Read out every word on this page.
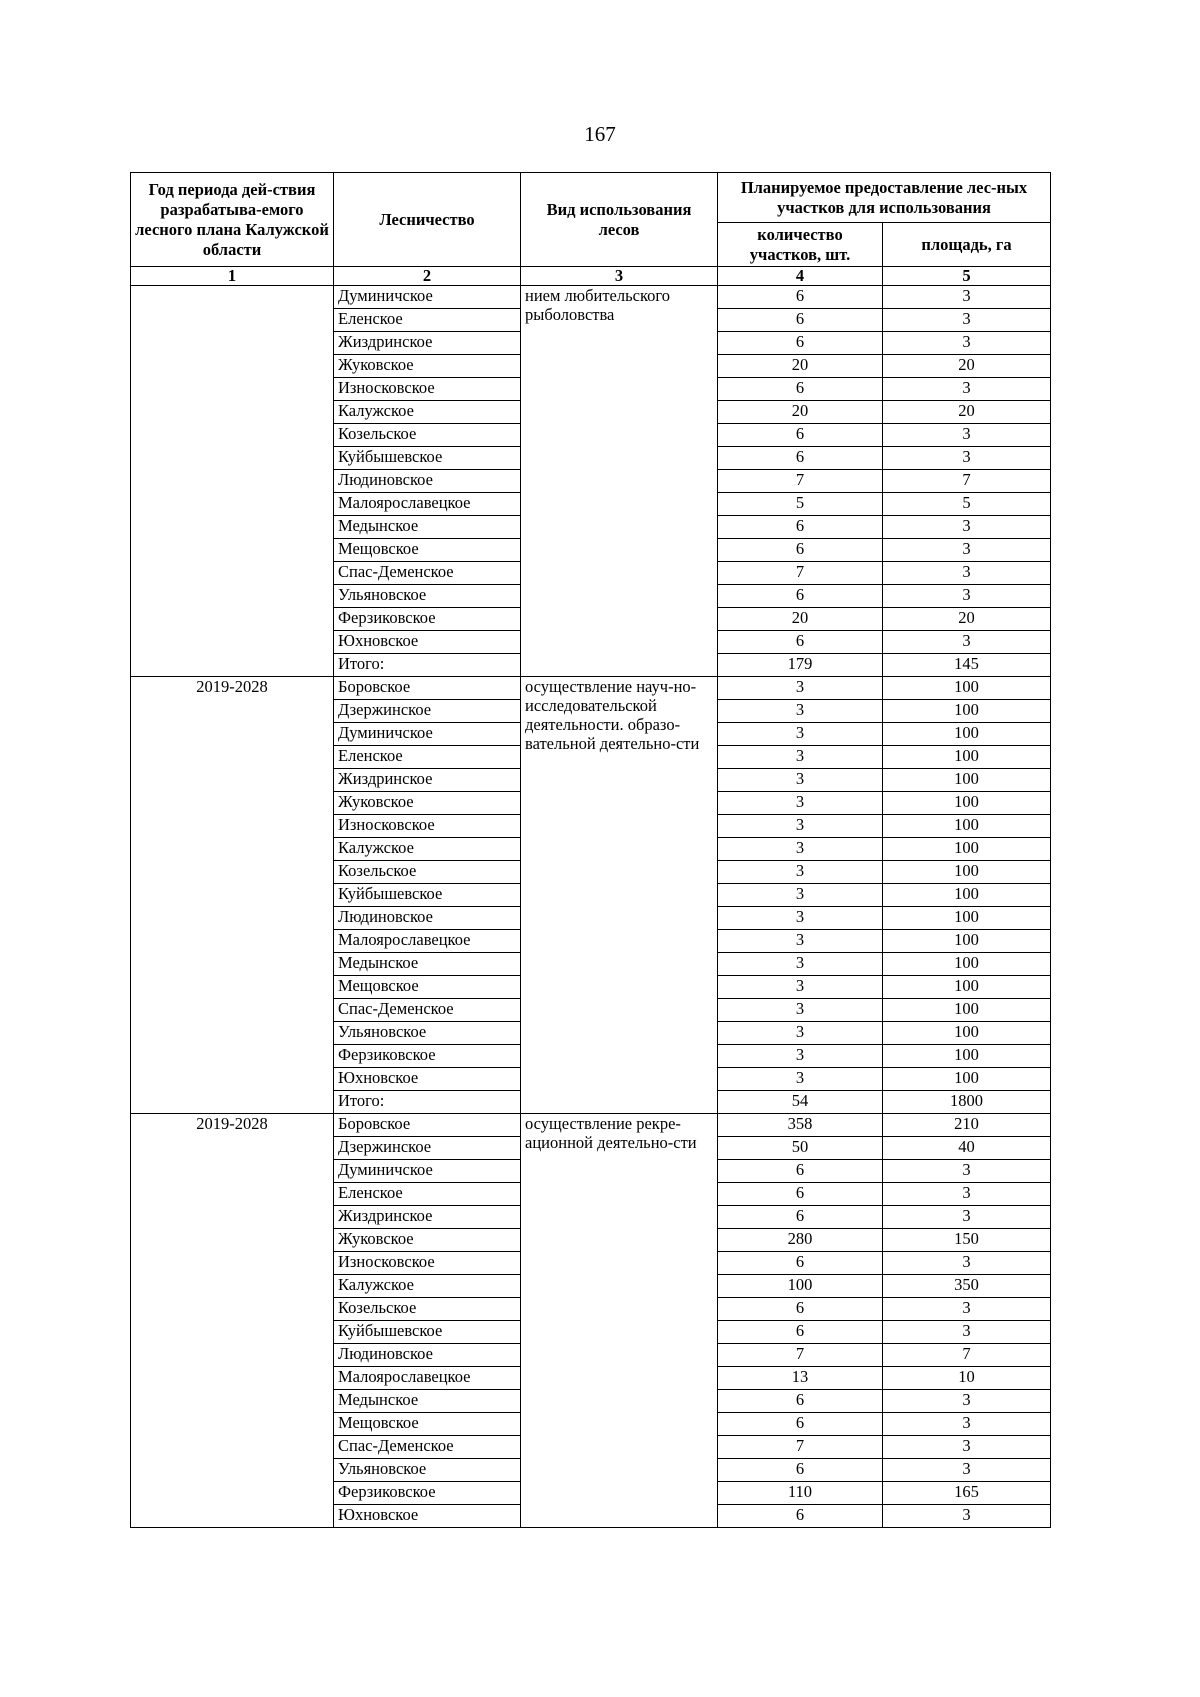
167
Год периода дей-ствия разрабатыва-емого лесного плана Калужской области	Лесничество	Вид использования лесов	Планируемое предоставление лес-ных участков для использования	
			количество участков, шт.	площадь, га
1	2	3	4	5
	Думиничское	нием любительского рыболовства	6	3
	Еленское		6	3
	Жиздринское		6	3
	Жуковское		20	20
	Износковское		6	3
	Калужское		20	20
	Козельское		6	3
	Куйбышевское		6	3
	Людиновское		7	7
	Малоярославецкое		5	5
	Медынское		6	3
	Мещовское		6	3
	Спас-Деменское		7	3
	Ульяновское		6	3
	Ферзиковское		20	20
	Юхновское		6	3
	Итого:		179	145
2019-2028	Боровское	осуществление науч-но-исследовательской деятельности. образо-вательной деятельно-сти	3	100
	Дзержинское		3	100
	Думиничское		3	100
	Еленское		3	100
	Жиздринское		3	100
	Жуковское		3	100
	Износковское		3	100
	Калужское		3	100
	Козельское		3	100
	Куйбышевское		3	100
	Людиновское		3	100
	Малоярославецкое		3	100
	Медынское		3	100
	Мещовское		3	100
	Спас-Деменское		3	100
	Ульяновское		3	100
	Ферзиковское		3	100
	Юхновское		3	100
	Итого:		54	1800
2019-2028	Боровское	осуществление рекре-ационной деятельно-сти	358	210
	Дзержинское		50	40
	Думиничское		6	3
	Еленское		6	3
	Жиздринское		6	3
	Жуковское		280	150
	Износковское		6	3
	Калужское		100	350
	Козельское		6	3
	Куйбышевское		6	3
	Людиновское		7	7
	Малоярославецкое		13	10
	Медынское		6	3
	Мещовское		6	3
	Спас-Деменское		7	3
	Ульяновское		6	3
	Ферзиковское		110	165
	Юхновское		6	3
